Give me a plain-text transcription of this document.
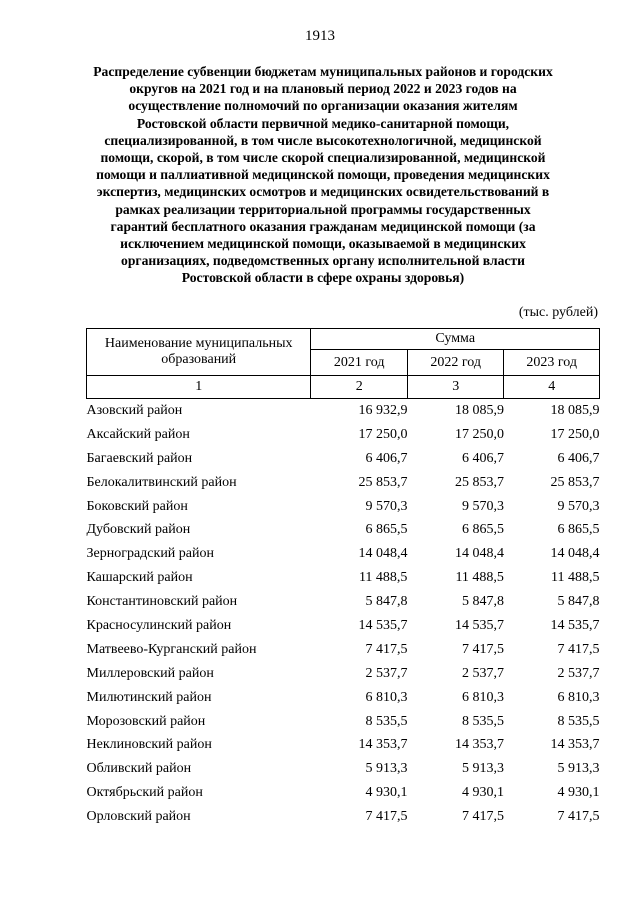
1913
Распределение субвенции бюджетам муниципальных районов и городских округов на 2021 год и на плановый период 2022 и 2023 годов на осуществление полномочий по организации оказания жителям Ростовской области первичной медико-санитарной помощи, специализированной, в том числе высокотехнологичной, медицинской помощи, скорой, в том числе скорой специализированной, медицинской помощи и паллиативной медицинской помощи, проведения медицинских экспертиз, медицинских осмотров и медицинских освидетельствований в рамках реализации территориальной программы государственных гарантий бесплатного оказания гражданам медицинской помощи (за исключением медицинской помощи, оказываемой в медицинских организациях, подведомственных органу исполнительной власти Ростовской области в сфере охраны здоровья)
(тыс. рублей)
Наименование муниципальных образований	Сумма		
	2021 год	2022 год	2023 год
1	2	3	4
Азовский район	16 932,9	18 085,9	18 085,9
Аксайский район	17 250,0	17 250,0	17 250,0
Багаевский район	6 406,7	6 406,7	6 406,7
Белокалитвинский район	25 853,7	25 853,7	25 853,7
Боковский район	9 570,3	9 570,3	9 570,3
Дубовский район	6 865,5	6 865,5	6 865,5
Зерноградский район	14 048,4	14 048,4	14 048,4
Кашарский район	11 488,5	11 488,5	11 488,5
Константиновский район	5 847,8	5 847,8	5 847,8
Красносулинский район	14 535,7	14 535,7	14 535,7
Матвеево-Курганский район	7 417,5	7 417,5	7 417,5
Миллеровский район	2 537,7	2 537,7	2 537,7
Милютинский район	6 810,3	6 810,3	6 810,3
Морозовский район	8 535,5	8 535,5	8 535,5
Неклиновский район	14 353,7	14 353,7	14 353,7
Обливский район	5 913,3	5 913,3	5 913,3
Октябрьский район	4 930,1	4 930,1	4 930,1
Орловский район	7 417,5	7 417,5	7 417,5
